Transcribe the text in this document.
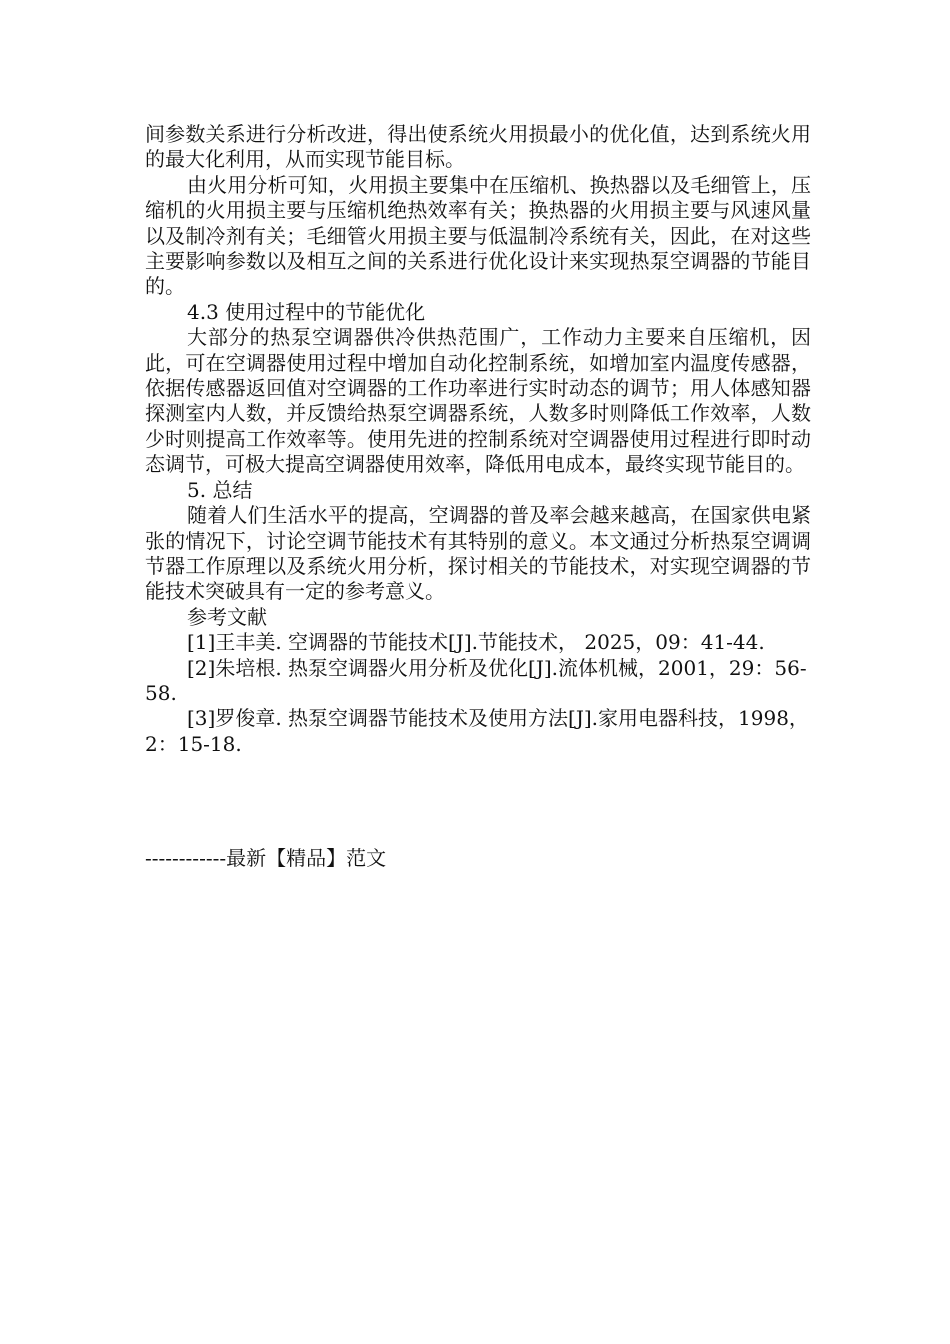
间参数关系进行分析改进，得出使系统火用损最小的优化值，达到系统火用的最大化利用，从而实现节能目标。

由火用分析可知，火用损主要集中在压缩机、换热器以及毛细管上，压缩机的火用损主要与压缩机绝热效率有关；换热器的火用损主要与风速风量以及制冷剂有关；毛细管火用损主要与低温制冷系统有关，因此，在对这些主要影响参数以及相互之间的关系进行优化设计来实现热泵空调器的节能目的。

4.3 使用过程中的节能优化

大部分的热泵空调器供冷供热范围广，工作动力主要来自压缩机，因此，可在空调器使用过程中增加自动化控制系统，如增加室内温度传感器，依据传感器返回值对空调器的工作功率进行实时动态的调节；用人体感知器探测室内人数，并反馈给热泵空调器系统，人数多时则降低工作效率，人数少时则提高工作效率等。使用先进的控制系统对空调器使用过程进行即时动态调节，可极大提高空调器使用效率，降低用电成本，最终实现节能目的。

5. 总结

随着人们生活水平的提高，空调器的普及率会越来越高，在国家供电紧张的情况下，讨论空调节能技术有其特别的意义。本文通过分析热泵空调调节器工作原理以及系统火用分析，探讨相关的节能技术，对实现空调器的节能技术突破具有一定的参考意义。

参考文献

[1]王丰美. 空调器的节能技术[J].节能技术， 2025，09：41-44.

[2]朱培根. 热泵空调器火用分析及优化[J].流体机械，2001，29：56-58.

[3]罗俊章. 热泵空调器节能技术及使用方法[J].家用电器科技，1998，2：15-18.

------------最新【精品】范文
